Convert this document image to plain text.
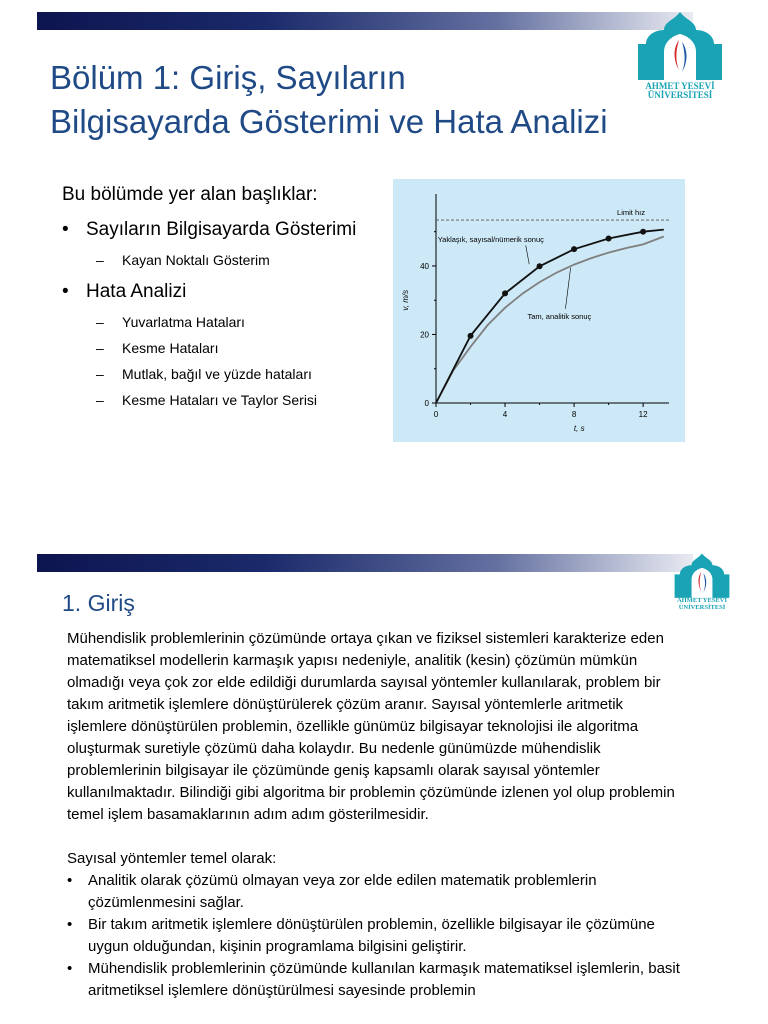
AHMET YESEVİ
ÜNİVERSİTESİ
Bölüm 1: Giriş, Sayıların
Bilgisayarda Gösterimi ve Hata Analizi
Bu bölümde yer alan başlıklar:
• Sayıların Bilgisayarda Gösterimi
– Kayan Noktalı Gösterim
• Hata Analizi
– Yuvarlatma Hataları
– Kesme Hataları
– Mutlak, bağıl ve yüzde hataları
– Kesme Hataları ve Taylor Serisi
0	4	8	12
0
20
40
t, s
v, m/s
Limit hız
Yaklaşık, sayısal/nümerik sonuç
Tam, analitik sonuç
AHMET YESEVİ
ÜNİVERSİTESİ
1. Giriş
Mühendislik problemlerinin çözümünde ortaya çıkan ve fiziksel sistemleri karakterize eden matematiksel modellerin karmaşık yapısı nedeniyle, analitik (kesin) çözümün mümkün olmadığı veya çok zor elde edildiği durumlarda sayısal yöntemler kullanılarak, problem bir takım aritmetik işlemlere dönüştürülerek çözüm aranır. Sayısal yöntemlerle aritmetik işlemlere dönüştürülen problemin, özellikle günümüz bilgisayar teknolojisi ile algoritma oluşturmak suretiyle çözümü daha kolaydır. Bu nedenle günümüzde mühendislik problemlerinin bilgisayar ile çözümünde geniş kapsamlı olarak sayısal yöntemler kullanılmaktadır. Bilindiği gibi algoritma bir problemin çözümünde izlenen yol olup problemin temel işlem basamaklarının adım adım gösterilmesidir.
Sayısal yöntemler temel olarak:
• Analitik olarak çözümü olmayan veya zor elde edilen matematik problemlerin çözümlenmesini sağlar.
• Bir takım aritmetik işlemlere dönüştürülen problemin, özellikle bilgisayar ile çözümüne uygun olduğundan, kişinin programlama bilgisini geliştirir.
• Mühendislik problemlerinin çözümünde kullanılan karmaşık matematiksel işlemlerin, basit aritmetiksel işlemlere dönüştürülmesi sayesinde problemin
